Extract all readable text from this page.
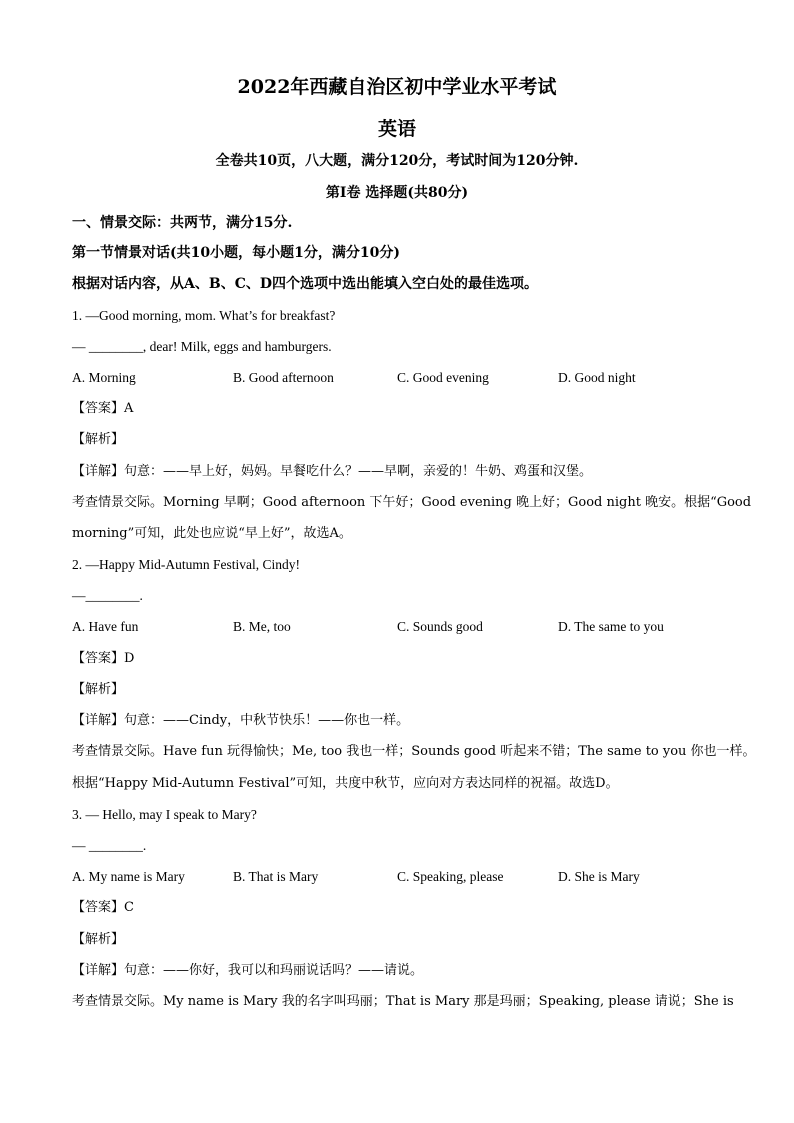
2022年西藏自治区初中学业水平考试
英语
全卷共10页，八大题，满分120分，考试时间为120分钟.
第Ⅰ卷 选择题(共80分)
一、情景交际：共两节，满分15分.
第一节情景对话(共10小题，每小题1分，满分10分)
根据对话内容，从A、B、C、D四个选项中选出能填入空白处的最佳选项。
1. —Good morning, mom. What’s for breakfast?
— ________, dear! Milk, eggs and hamburgers.
A. Morning	B. Good afternoon	C. Good evening	D. Good night
【答案】A
【解析】
【详解】句意：——早上好，妈妈。早餐吃什么？——早啊，亲爱的！牛奶、鸡蛋和汉堡。
考查情景交际。Morning 早啊；Good afternoon 下午好；Good evening 晚上好；Good night 晚安。根据“Good
morning”可知，此处也应说“早上好”，故选A。
2. —Happy Mid-Autumn Festival, Cindy!
—________.
A. Have fun	B. Me, too	C. Sounds good	D. The same to you
【答案】D
【解析】
【详解】句意：——Cindy，中秋节快乐！——你也一样。
考查情景交际。Have fun 玩得愉快；Me, too 我也一样；Sounds good 听起来不错；The same to you 你也一样。
根据“Happy Mid-Autumn Festival”可知，共度中秋节，应向对方表达同样的祝福。故选D。
3. — Hello, may I speak to Mary?
— ________.
A. My name is Mary	B. That is Mary	C. Speaking, please	D. She is Mary
【答案】C
【解析】
【详解】句意：——你好，我可以和玛丽说话吗？——请说。
考查情景交际。My name is Mary 我的名字叫玛丽；That is Mary 那是玛丽；Speaking, please 请说；She is
